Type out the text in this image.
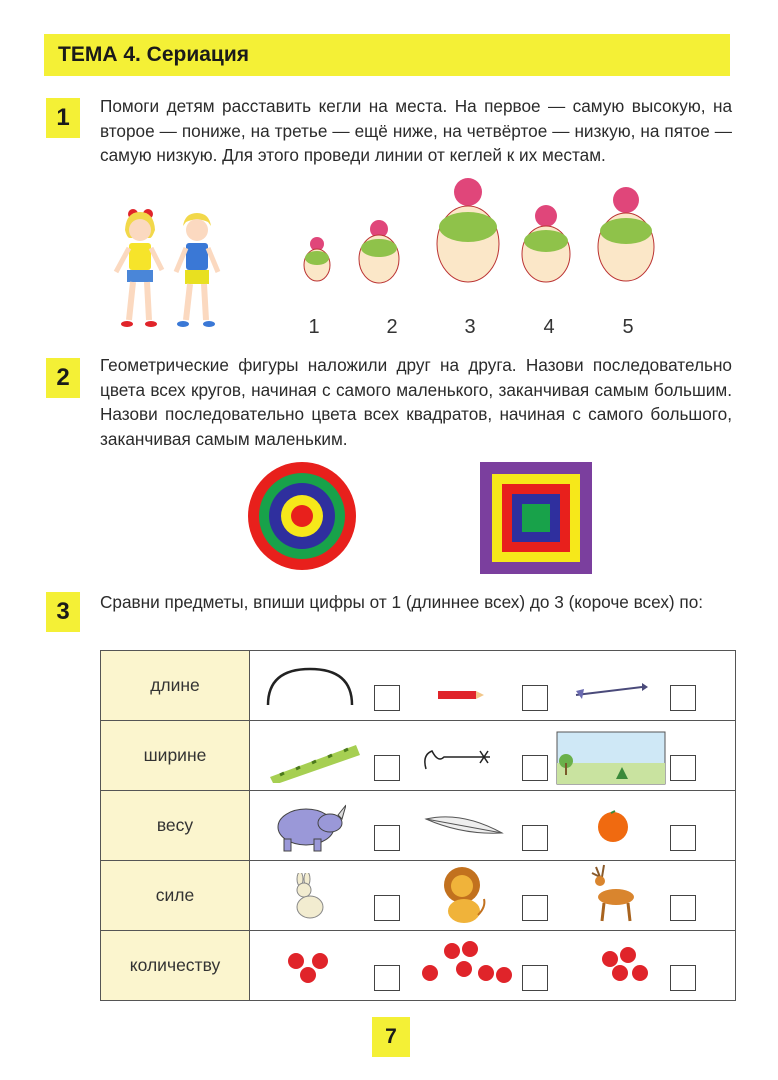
ТЕМА 4. Сериация
1	Помоги детям расставить кегли на места. На первое — самую высокую, на второе — пониже, на третье — ещё ниже, на четвёртое — низкую, на пятое — самую низкую. Для этого проведи линии от кеглей к их местам.
1	2	3	4	5
2	Геометрические фигуры наложили друг на друга. Назови последовательно цвета всех кругов, начиная с самого маленького, заканчивая самым большим. Назови последовательно цвета всех квадратов, начиная с самого большого, заканчивая самым маленьким.
3	Сравни предметы, впиши цифры от 1 (длиннее всех) до 3 (короче всех) по:
длине	

ширине	

весу	

силе	

количеству	
7
